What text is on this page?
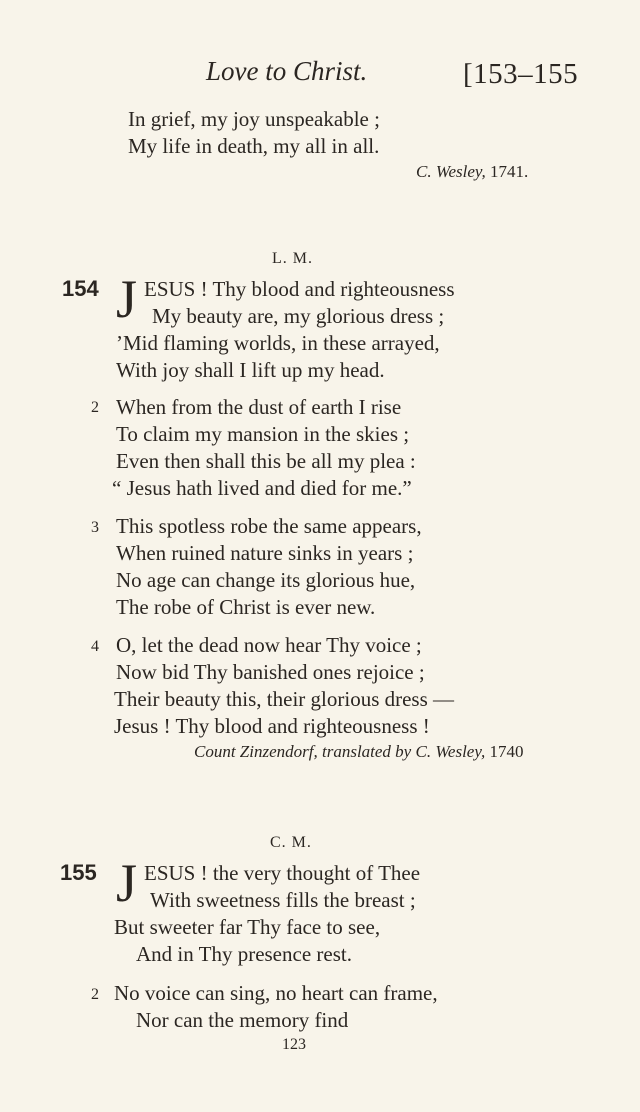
Love to Christ.	[153–155
In grief, my joy unspeakable ;
My life in death, my all in all.
C. Wesley, 1741.
L. M.
154 J ESUS ! Thy blood and righteousness
My beauty are, my glorious dress ;
’Mid flaming worlds, in these arrayed,
With joy shall I lift up my head.
2 When from the dust of earth I rise
To claim my mansion in the skies ;
Even then shall this be all my plea :
“ Jesus hath lived and died for me.”
3 This spotless robe the same appears,
When ruined nature sinks in years ;
No age can change its glorious hue,
The robe of Christ is ever new.
4 O, let the dead now hear Thy voice ;
Now bid Thy banished ones rejoice ;
Their beauty this, their glorious dress —
Jesus ! Thy blood and righteousness !
Count Zinzendorf, translated by C. Wesley, 1740
C. M.
155 J ESUS ! the very thought of Thee
With sweetness fills the breast ;
But sweeter far Thy face to see,
And in Thy presence rest.
2 No voice can sing, no heart can frame,
Nor can the memory find
123
